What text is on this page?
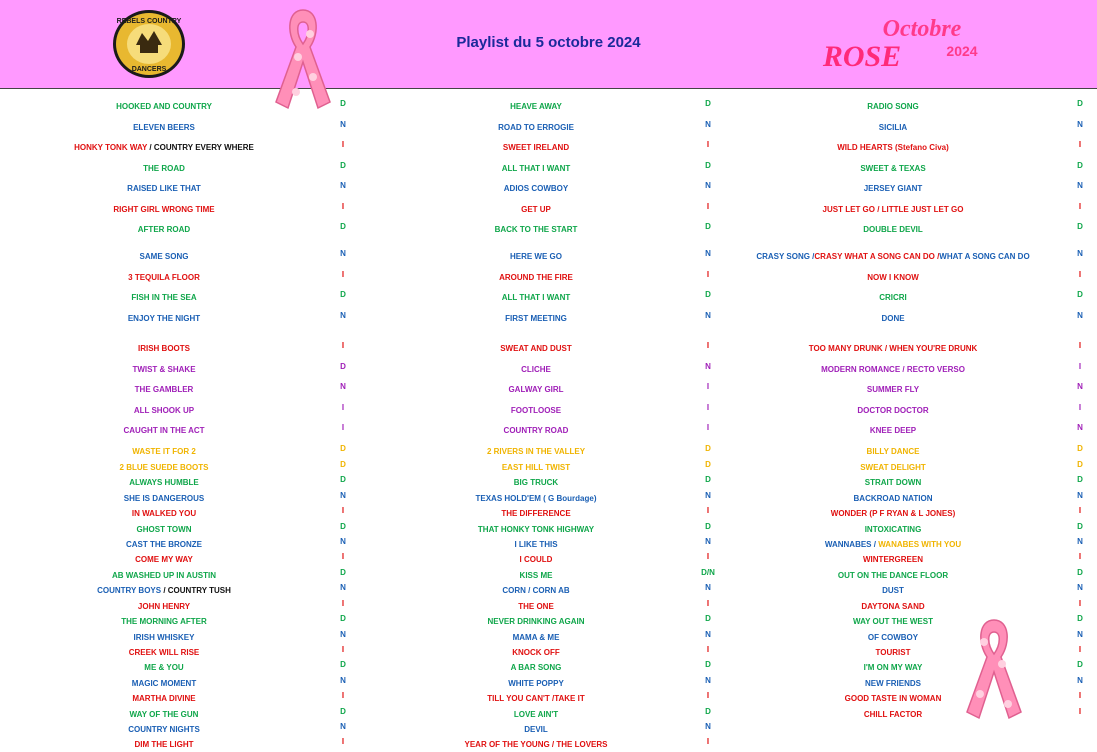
REBELS COUNTRY
DANCERS
Playlist du 5 octobre 2024
Octobre
ROSE	2024
HOOKED AND COUNTRY	D	HEAVE AWAY	D	RADIO SONG	D
ELEVEN BEERS	N	ROAD TO ERROGIE	N	SICILIA	N
HONKY TONK WAY / COUNTRY EVERY WHERE	I	SWEET IRELAND	I	WILD HEARTS (Stefano Civa)	I
THE ROAD	D	ALL THAT I WANT	D	SWEET & TEXAS	D
RAISED LIKE THAT	N	ADIOS COWBOY	N	JERSEY GIANT	N
RIGHT GIRL WRONG TIME	I	GET UP	I	JUST LET GO / LITTLE JUST LET GO	I
AFTER ROAD	D	BACK TO THE START	D	DOUBLE DEVIL	D
SAME SONG	N	HERE WE GO	N	CRASY SONG /CRASY WHAT A SONG CAN DO /WHAT A SONG CAN DO	N
3 TEQUILA FLOOR	I	AROUND THE FIRE	I	NOW I KNOW	I
FISH IN THE SEA	D	ALL THAT I WANT	D	CRICRI	D
ENJOY THE NIGHT	N	FIRST MEETING	N	DONE	N
IRISH BOOTS	I	SWEAT AND DUST	I	TOO MANY DRUNK / WHEN YOU'RE DRUNK	I
TWIST & SHAKE	D	CLICHE	N	MODERN ROMANCE / RECTO VERSO	I
THE GAMBLER	N	GALWAY GIRL	I	SUMMER FLY	N
ALL SHOOK UP	I	FOOTLOOSE	I	DOCTOR DOCTOR	I
CAUGHT IN THE ACT	I	COUNTRY ROAD	I	KNEE DEEP	N
WASTE IT FOR 2	D	2 RIVERS IN THE VALLEY	D	BILLY DANCE	D
2 BLUE SUEDE BOOTS	D	EAST HILL TWIST	D	SWEAT DELIGHT	D
ALWAYS HUMBLE	D	BIG TRUCK	D	STRAIT DOWN	D
SHE IS DANGEROUS	N	TEXAS HOLD'EM ( G Bourdage)	N	BACKROAD NATION	N
IN WALKED YOU	I	THE DIFFERENCE	I	WONDER (P F RYAN & L JONES)	I
GHOST TOWN	D	THAT HONKY TONK HIGHWAY	D	INTOXICATING	D
CAST THE BRONZE	N	I LIKE THIS	N	WANNABES / WANABES WITH YOU	N
COME MY WAY	I	I COULD	I	WINTERGREEN	I
AB WASHED UP IN AUSTIN	D	KISS ME	D/N	OUT ON THE DANCE FLOOR	D
COUNTRY BOYS / COUNTRY TUSH	N	CORN / CORN AB	N	DUST	N
JOHN HENRY	I	THE ONE	I	DAYTONA SAND	I
THE MORNING AFTER	D	NEVER DRINKING AGAIN	D	WAY OUT THE WEST	D
IRISH WHISKEY	N	MAMA & ME	N	OF COWBOY	N
CREEK WILL RISE	I	KNOCK OFF	I	TOURIST	I
ME & YOU	D	A BAR SONG	D	I'M ON MY WAY	D
MAGIC MOMENT	N	WHITE POPPY	N	NEW FRIENDS	N
MARTHA DIVINE	I	TILL YOU CAN'T /TAKE IT	I	GOOD TASTE IN WOMAN	I
WAY OF THE GUN	D	LOVE AIN'T	D	CHILL FACTOR	I
COUNTRY NIGHTS	N	DEVIL	N
DIM THE LIGHT	I	YEAR OF THE YOUNG / THE LOVERS	I
